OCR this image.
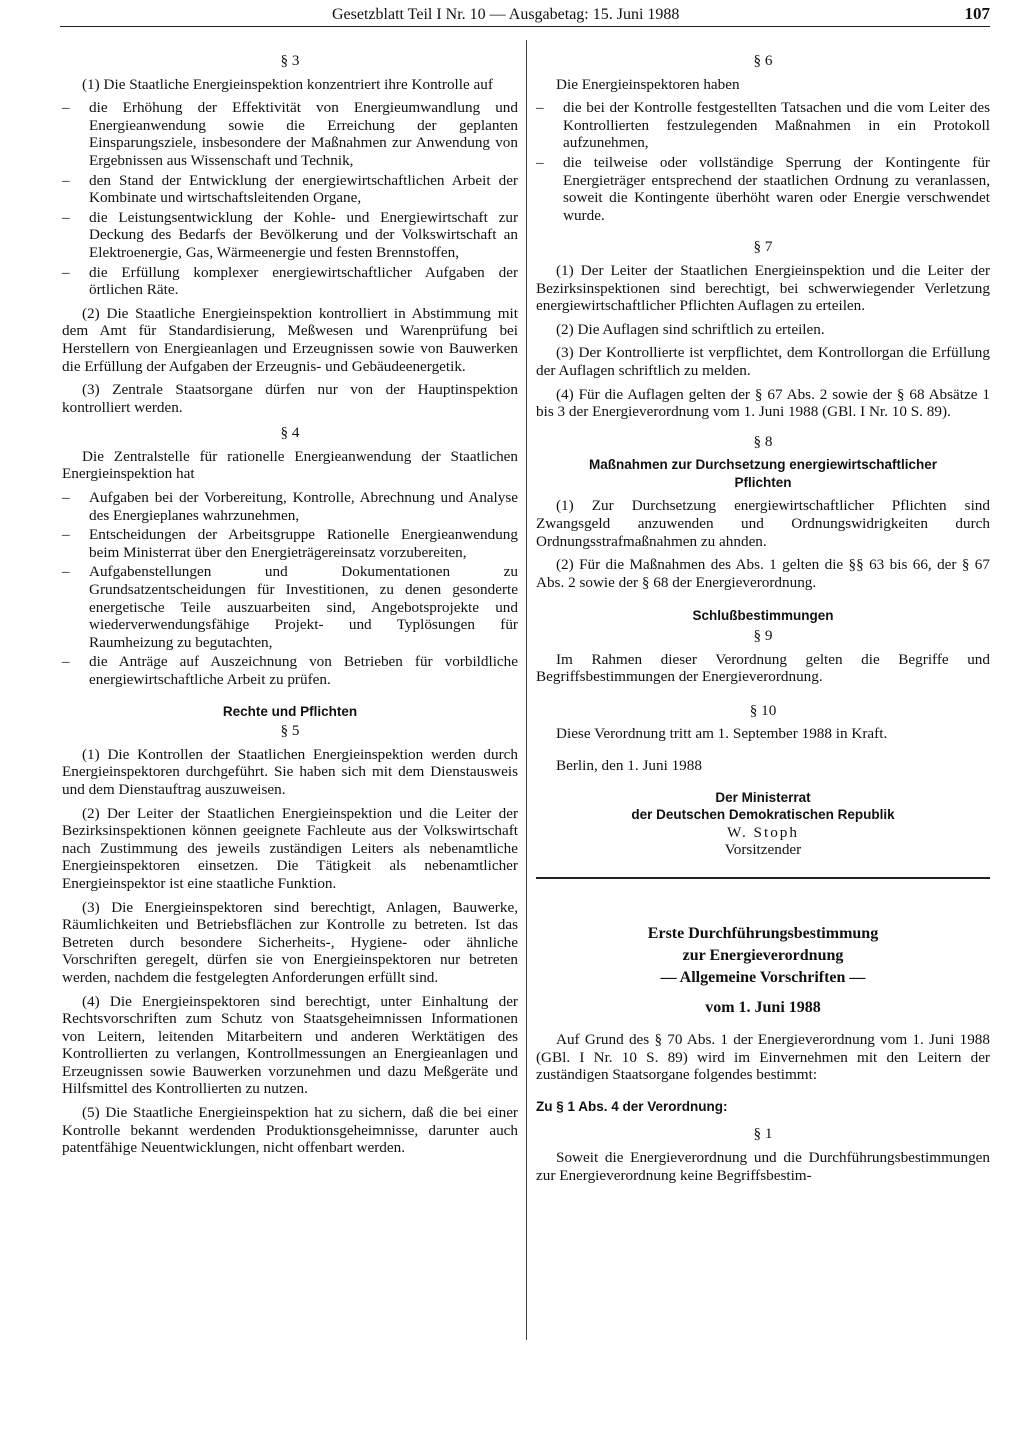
Gesetzblatt Teil I Nr. 10 — Ausgabetag: 15. Juni 1988	107
§ 3

(1) Die Staatliche Energieinspektion konzentriert ihre Kontrolle auf

– die Erhöhung der Effektivität von Energieumwandlung und Energieanwendung sowie die Erreichung der geplanten Einsparungsziele, insbesondere der Maßnahmen zur Anwendung von Ergebnissen aus Wissenschaft und Technik,
– den Stand der Entwicklung der energiewirtschaftlichen Arbeit der Kombinate und wirtschaftsleitenden Organe,
– die Leistungsentwicklung der Kohle- und Energiewirtschaft zur Deckung des Bedarfs der Bevölkerung und der Volkswirtschaft an Elektroenergie, Gas, Wärmeenergie und festen Brennstoffen,
– die Erfüllung komplexer energiewirtschaftlicher Aufgaben der örtlichen Räte.

(2) Die Staatliche Energieinspektion kontrolliert in Abstimmung mit dem Amt für Standardisierung, Meßwesen und Warenprüfung bei Herstellern von Energieanlagen und Erzeugnissen sowie von Bauwerken die Erfüllung der Aufgaben der Erzeugnis- und Gebäudeenergetik.

(3) Zentrale Staatsorgane dürfen nur von der Hauptinspektion kontrolliert werden.

§ 4

Die Zentralstelle für rationelle Energieanwendung der Staatlichen Energieinspektion hat

– Aufgaben bei der Vorbereitung, Kontrolle, Abrechnung und Analyse des Energieplanes wahrzunehmen,
– Entscheidungen der Arbeitsgruppe Rationelle Energieanwendung beim Ministerrat über den Energieträgereinsatz vorzubereiten,
– Aufgabenstellungen und Dokumentationen zu Grundsatzentscheidungen für Investitionen, zu denen gesonderte energetische Teile auszuarbeiten sind, Angebotsprojekte und wiederverwendungsfähige Projekt- und Typlösungen für Raumheizung zu begutachten,
– die Anträge auf Auszeichnung von Betrieben für vorbildliche energiewirtschaftliche Arbeit zu prüfen.
Rechte und Pflichten
§ 5

(1) Die Kontrollen der Staatlichen Energieinspektion werden durch Energieinspektoren durchgeführt. Sie haben sich mit dem Dienstausweis und dem Dienstauftrag auszuweisen.

(2) Der Leiter der Staatlichen Energieinspektion und die Leiter der Bezirksinspektionen können geeignete Fachleute aus der Volkswirtschaft nach Zustimmung des jeweils zuständigen Leiters als nebenamtliche Energieinspektoren einsetzen. Die Tätigkeit als nebenamtlicher Energieinspektor ist eine staatliche Funktion.

(3) Die Energieinspektoren sind berechtigt, Anlagen, Bauwerke, Räumlichkeiten und Betriebsflächen zur Kontrolle zu betreten. Ist das Betreten durch besondere Sicherheits-, Hygiene- oder ähnliche Vorschriften geregelt, dürfen sie von Energieinspektoren nur betreten werden, nachdem die festgelegten Anforderungen erfüllt sind.

(4) Die Energieinspektoren sind berechtigt, unter Einhaltung der Rechtsvorschriften zum Schutz von Staatsgeheimnissen Informationen von Leitern, leitenden Mitarbeitern und anderen Werktätigen des Kontrollierten zu verlangen, Kontrollmessungen an Energieanlagen und Erzeugnissen sowie Bauwerken vorzunehmen und dazu Meßgeräte und Hilfsmittel des Kontrollierten zu nutzen.

(5) Die Staatliche Energieinspektion hat zu sichern, daß die bei einer Kontrolle bekannt werdenden Produktionsgeheimnisse, darunter auch patentfähige Neuentwicklungen, nicht offenbart werden.

§ 6

Die Energieinspektoren haben

– die bei der Kontrolle festgestellten Tatsachen und die vom Leiter des Kontrollierten festzulegenden Maßnahmen in ein Protokoll aufzunehmen,
– die teilweise oder vollständige Sperrung der Kontingente für Energieträger entsprechend der staatlichen Ordnung zu veranlassen, soweit die Kontingente überhöht waren oder Energie verschwendet wurde.
§ 7

(1) Der Leiter der Staatlichen Energieinspektion und die Leiter der Bezirksinspektionen sind berechtigt, bei schwerwiegender Verletzung energiewirtschaftlicher Pflichten Auflagen zu erteilen.

(2) Die Auflagen sind schriftlich zu erteilen.

(3) Der Kontrollierte ist verpflichtet, dem Kontrollorgan die Erfüllung der Auflagen schriftlich zu melden.

(4) Für die Auflagen gelten der § 67 Abs. 2 sowie der § 68 Absätze 1 bis 3 der Energieverordnung vom 1. Juni 1988 (GBl. I Nr. 10 S. 89).

§ 8
Maßnahmen zur Durchsetzung energiewirtschaftlicher Pflichten

(1) Zur Durchsetzung energiewirtschaftlicher Pflichten sind Zwangsgeld anzuwenden und Ordnungswidrigkeiten durch Ordnungsstrafmaßnahmen zu ahnden.

(2) Für die Maßnahmen des Abs. 1 gelten die §§ 63 bis 66, der § 67 Abs. 2 sowie der § 68 der Energieverordnung.

Schlußbestimmungen
§ 9

Im Rahmen dieser Verordnung gelten die Begriffe und Begriffsbestimmungen der Energieverordnung.

§ 10

Diese Verordnung tritt am 1. September 1988 in Kraft.

Berlin, den 1. Juni 1988

Der Ministerrat

der Deutschen Demokratischen Republik

W. Stoph

Vorsitzender

Erste Durchführungsbestimmung

zur Energieverordnung

— Allgemeine Vorschriften —

vom 1. Juni 1988

Auf Grund des § 70 Abs. 1 der Energieverordnung vom 1. Juni 1988 (GBl. I Nr. 10 S. 89) wird im Einvernehmen mit den Leitern der zuständigen Staatsorgane folgendes bestimmt:

Zu § 1 Abs. 4 der Verordnung:
§ 1

Soweit die Energieverordnung und die Durchführungsbestimmungen zur Energieverordnung keine Begriffsbestim-
